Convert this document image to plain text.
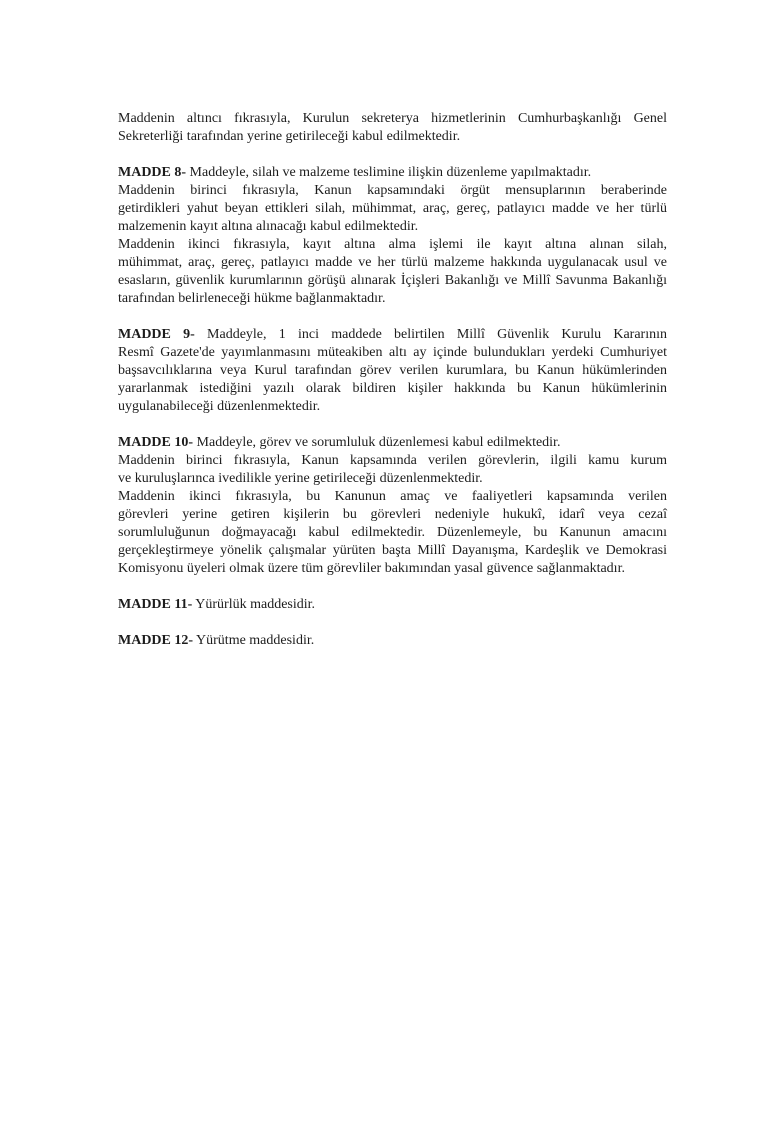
Maddenin altıncı fıkrasıyla, Kurulun sekreterya hizmetlerinin Cumhurbaşkanlığı Genel
Sekreterliği tarafından yerine getirileceği kabul edilmektedir.
MADDE 8- Maddeyle, silah ve malzeme teslimine ilişkin düzenleme yapılmaktadır.
Maddenin birinci fıkrasıyla, Kanun kapsamındaki örgüt mensuplarının beraberinde
getirdikleri yahut beyan ettikleri silah, mühimmat, araç, gereç, patlayıcı madde ve her türlü
malzemenin kayıt altına alınacağı kabul edilmektedir.
Maddenin ikinci fıkrasıyla, kayıt altına alma işlemi ile kayıt altına alınan silah,
mühimmat, araç, gereç, patlayıcı madde ve her türlü malzeme hakkında uygulanacak usul ve
esasların, güvenlik kurumlarının görüşü alınarak İçişleri Bakanlığı ve Millî Savunma Bakanlığı
tarafından belirleneceği hükme bağlanmaktadır.
MADDE 9- Maddeyle, 1 inci maddede belirtilen Millî Güvenlik Kurulu Kararının
Resmî Gazete'de yayımlanmasını müteakiben altı ay içinde bulundukları yerdeki Cumhuriyet
başsavcılıklarına veya Kurul tarafından görev verilen kurumlara, bu Kanun hükümlerinden
yararlanmak istediğini yazılı olarak bildiren kişiler hakkında bu Kanun hükümlerinin
uygulanabileceği düzenlenmektedir.
MADDE 10- Maddeyle, görev ve sorumluluk düzenlemesi kabul edilmektedir.
Maddenin birinci fıkrasıyla, Kanun kapsamında verilen görevlerin, ilgili kamu kurum
ve kuruluşlarınca ivedilikle yerine getirileceği düzenlenmektedir.
Maddenin ikinci fıkrasıyla, bu Kanunun amaç ve faaliyetleri kapsamında verilen
görevleri yerine getiren kişilerin bu görevleri nedeniyle hukukî, idarî veya cezaî
sorumluluğunun doğmayacağı kabul edilmektedir. Düzenlemeyle, bu Kanunun amacını
gerçekleştirmeye yönelik çalışmalar yürüten başta Millî Dayanışma, Kardeşlik ve Demokrasi
Komisyonu üyeleri olmak üzere tüm görevliler bakımından yasal güvence sağlanmaktadır.
MADDE 11- Yürürlük maddesidir.
MADDE 12- Yürütme maddesidir.
